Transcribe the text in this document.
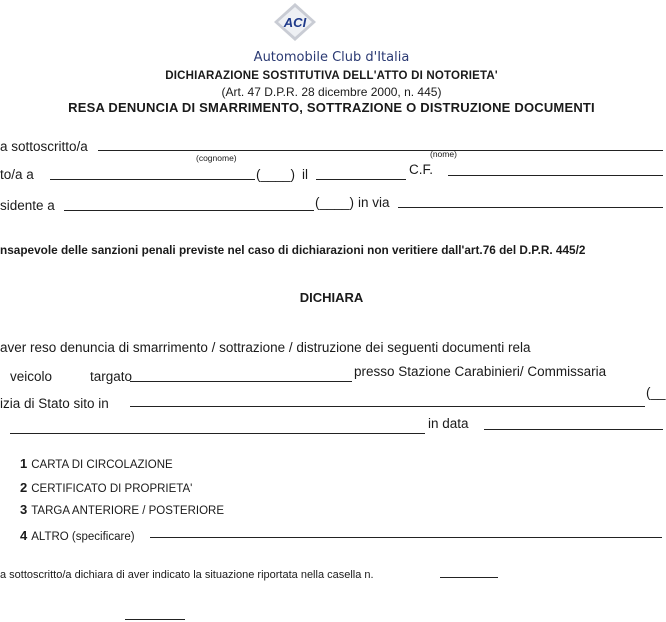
ACI
Automobile Club d'Italia
DICHIARAZIONE SOSTITUTIVA DELL'ATTO DI NOTORIETA'
(Art. 47 D.P.R. 28 dicembre 2000, n. 445)
RESA DENUNCIA DI SMARRIMENTO, SOTTRAZIONE O DISTRUZIONE DOCUMENTI
a sottoscritto/a
(cognome)	(nome)
to/a a	(____) il	C.F.
sidente a	(____) in via
nsapevole delle sanzioni penali previste nel caso di dichiarazioni non veritiere dall'art.76 del D.P.R. 445/2
DICHIARA
aver reso denuncia di smarrimento / sottrazione / distruzione dei seguenti documenti rela
veicolo	targato	presso Stazione Carabinieri/ Commissaria
izia di Stato sito in
(__
in data
1 CARTA DI CIRCOLAZIONE
2 CERTIFICATO DI PROPRIETA'
3 TARGA ANTERIORE / POSTERIORE
4 ALTRO (specificare)
a sottoscritto/a dichiara di aver indicato la situazione riportata nella casella n.
